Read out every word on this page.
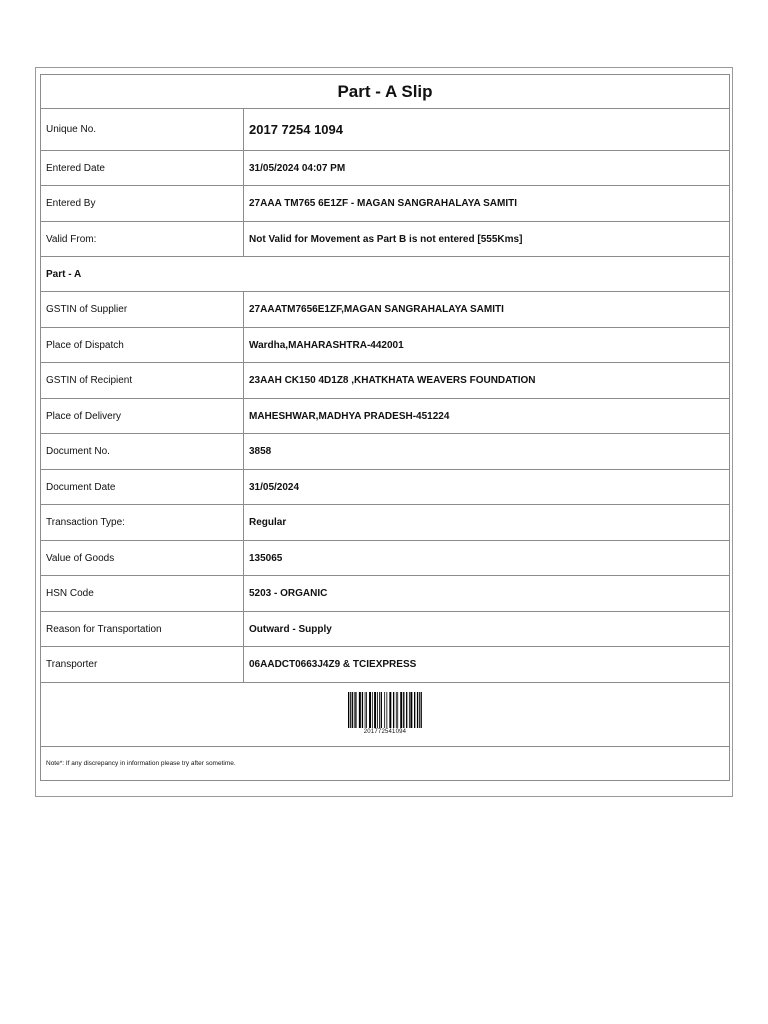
Part - A Slip	
Unique No.	2017 7254 1094
Entered Date	31/05/2024 04:07 PM
Entered By	27AAA TM765 6E1ZF - MAGAN SANGRAHALAYA SAMITI
Valid From:	Not Valid for Movement as Part B is not entered [555Kms]
Part - A	
GSTIN of Supplier	27AAATM7656E1ZF,MAGAN SANGRAHALAYA SAMITI
Place of Dispatch	Wardha,MAHARASHTRA-442001
GSTIN of Recipient	23AAH CK150 4D1Z8 ,KHATKHATA WEAVERS FOUNDATION
Place of Delivery	MAHESHWAR,MADHYA PRADESH-451224
Document No.	3858
Document Date	31/05/2024
Transaction Type:	Regular
Value of Goods	135065
HSN Code	5203 - ORGANIC
Reason for Transportation	Outward - Supply
Transporter	06AADCT0663J4Z9 & TCIEXPRESS

201772541094	

Note*: If any discrepancy in information please try after sometime.	
